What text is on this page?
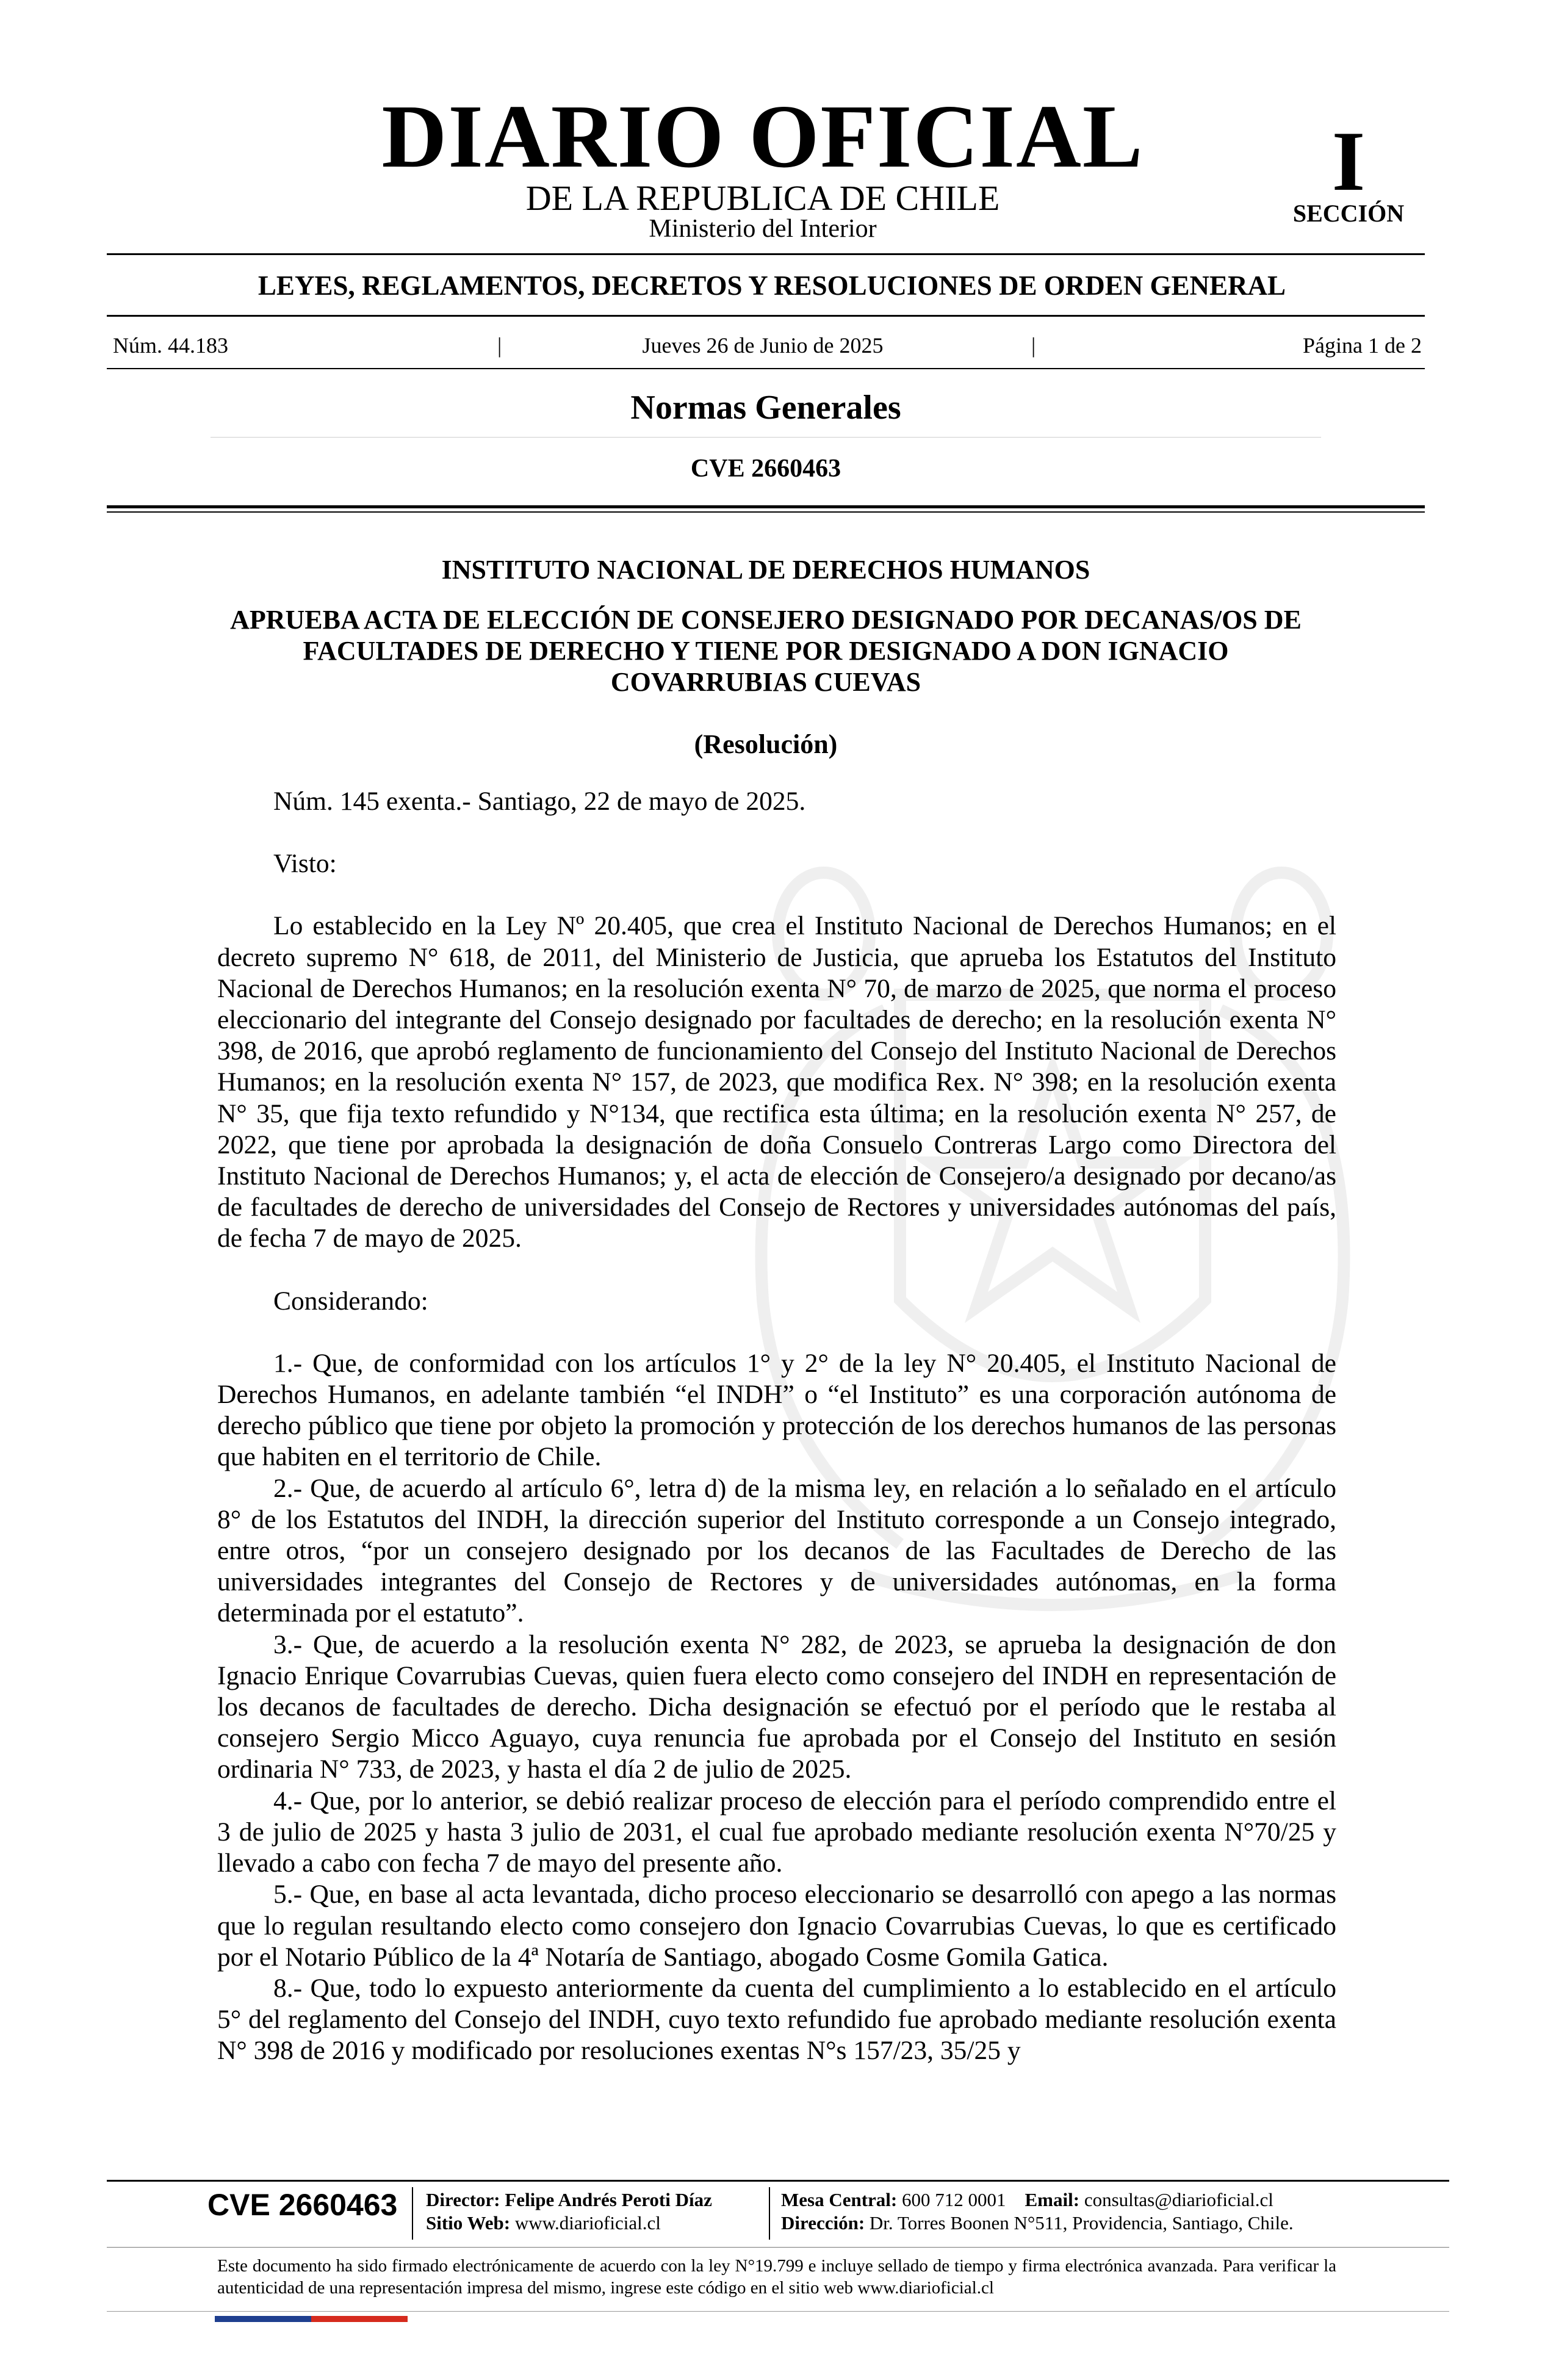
DIARIO OFICIAL
DE LA REPUBLICA DE CHILE
Ministerio del Interior
I
SECCIÓN
LEYES, REGLAMENTOS, DECRETOS Y RESOLUCIONES DE ORDEN GENERAL
Núm. 44.183	|	Jueves 26 de Junio de 2025	|	Página 1 de 2
Normas Generales
CVE 2660463
INSTITUTO NACIONAL DE DERECHOS HUMANOS
APRUEBA ACTA DE ELECCIÓN DE CONSEJERO DESIGNADO POR DECANAS/OS DE FACULTADES DE DERECHO Y TIENE POR DESIGNADO A DON IGNACIO COVARRUBIAS CUEVAS
(Resolución)

Núm. 145 exenta.- Santiago, 22 de mayo de 2025.

Visto:

Lo establecido en la Ley Nº 20.405, que crea el Instituto Nacional de Derechos Humanos; en el decreto supremo N° 618, de 2011, del Ministerio de Justicia, que aprueba los Estatutos del Instituto Nacional de Derechos Humanos; en la resolución exenta N° 70, de marzo de 2025, que norma el proceso eleccionario del integrante del Consejo designado por facultades de derecho; en la resolución exenta N° 398, de 2016, que aprobó reglamento de funcionamiento del Consejo del Instituto Nacional de Derechos Humanos; en la resolución exenta N° 157, de 2023, que modifica Rex. N° 398; en la resolución exenta N° 35, que fija texto refundido y N°134, que rectifica esta última; en la resolución exenta N° 257, de 2022, que tiene por aprobada la designación de doña Consuelo Contreras Largo como Directora del Instituto Nacional de Derechos Humanos; y, el acta de elección de Consejero/a designado por decano/as de facultades de derecho de universidades del Consejo de Rectores y universidades autónomas del país, de fecha 7 de mayo de 2025.

Considerando:

1.- Que, de conformidad con los artículos 1° y 2° de la ley N° 20.405, el Instituto Nacional de Derechos Humanos, en adelante también “el INDH” o “el Instituto” es una corporación autónoma de derecho público que tiene por objeto la promoción y protección de los derechos humanos de las personas que habiten en el territorio de Chile.

2.- Que, de acuerdo al artículo 6°, letra d) de la misma ley, en relación a lo señalado en el artículo 8° de los Estatutos del INDH, la dirección superior del Instituto corresponde a un Consejo integrado, entre otros, “por un consejero designado por los decanos de las Facultades de Derecho de las universidades integrantes del Consejo de Rectores y de universidades autónomas, en la forma determinada por el estatuto”.

3.- Que, de acuerdo a la resolución exenta N° 282, de 2023, se aprueba la designación de don Ignacio Enrique Covarrubias Cuevas, quien fuera electo como consejero del INDH en representación de los decanos de facultades de derecho. Dicha designación se efectuó por el período que le restaba al consejero Sergio Micco Aguayo, cuya renuncia fue aprobada por el Consejo del Instituto en sesión ordinaria N° 733, de 2023, y hasta el día 2 de julio de 2025.

4.- Que, por lo anterior, se debió realizar proceso de elección para el período comprendido entre el 3 de julio de 2025 y hasta 3 julio de 2031, el cual fue aprobado mediante resolución exenta N°70/25 y llevado a cabo con fecha 7 de mayo del presente año.

5.- Que, en base al acta levantada, dicho proceso eleccionario se desarrolló con apego a las normas que lo regulan resultando electo como consejero don Ignacio Covarrubias Cuevas, lo que es certificado por el Notario Público de la 4ª Notaría de Santiago, abogado Cosme Gomila Gatica.

8.- Que, todo lo expuesto anteriormente da cuenta del cumplimiento a lo establecido en el artículo 5° del reglamento del Consejo del INDH, cuyo texto refundido fue aprobado mediante resolución exenta N° 398 de 2016 y modificado por resoluciones exentas N°s 157/23, 35/25 y

CVE 2660463 Director: Felipe Andrés Peroti Díaz
Sitio Web: www.diarioficial.cl
Mesa Central: 600 712 0001 Email: consultas@diarioficial.cl
Dirección: Dr. Torres Boonen N°511, Providencia, Santiago, Chile.
Este documento ha sido firmado electrónicamente de acuerdo con la ley N°19.799 e incluye sellado de tiempo y firma electrónica avanzada. Para verificar la autenticidad de una representación impresa del mismo, ingrese este código en el sitio web www.diarioficial.cl
